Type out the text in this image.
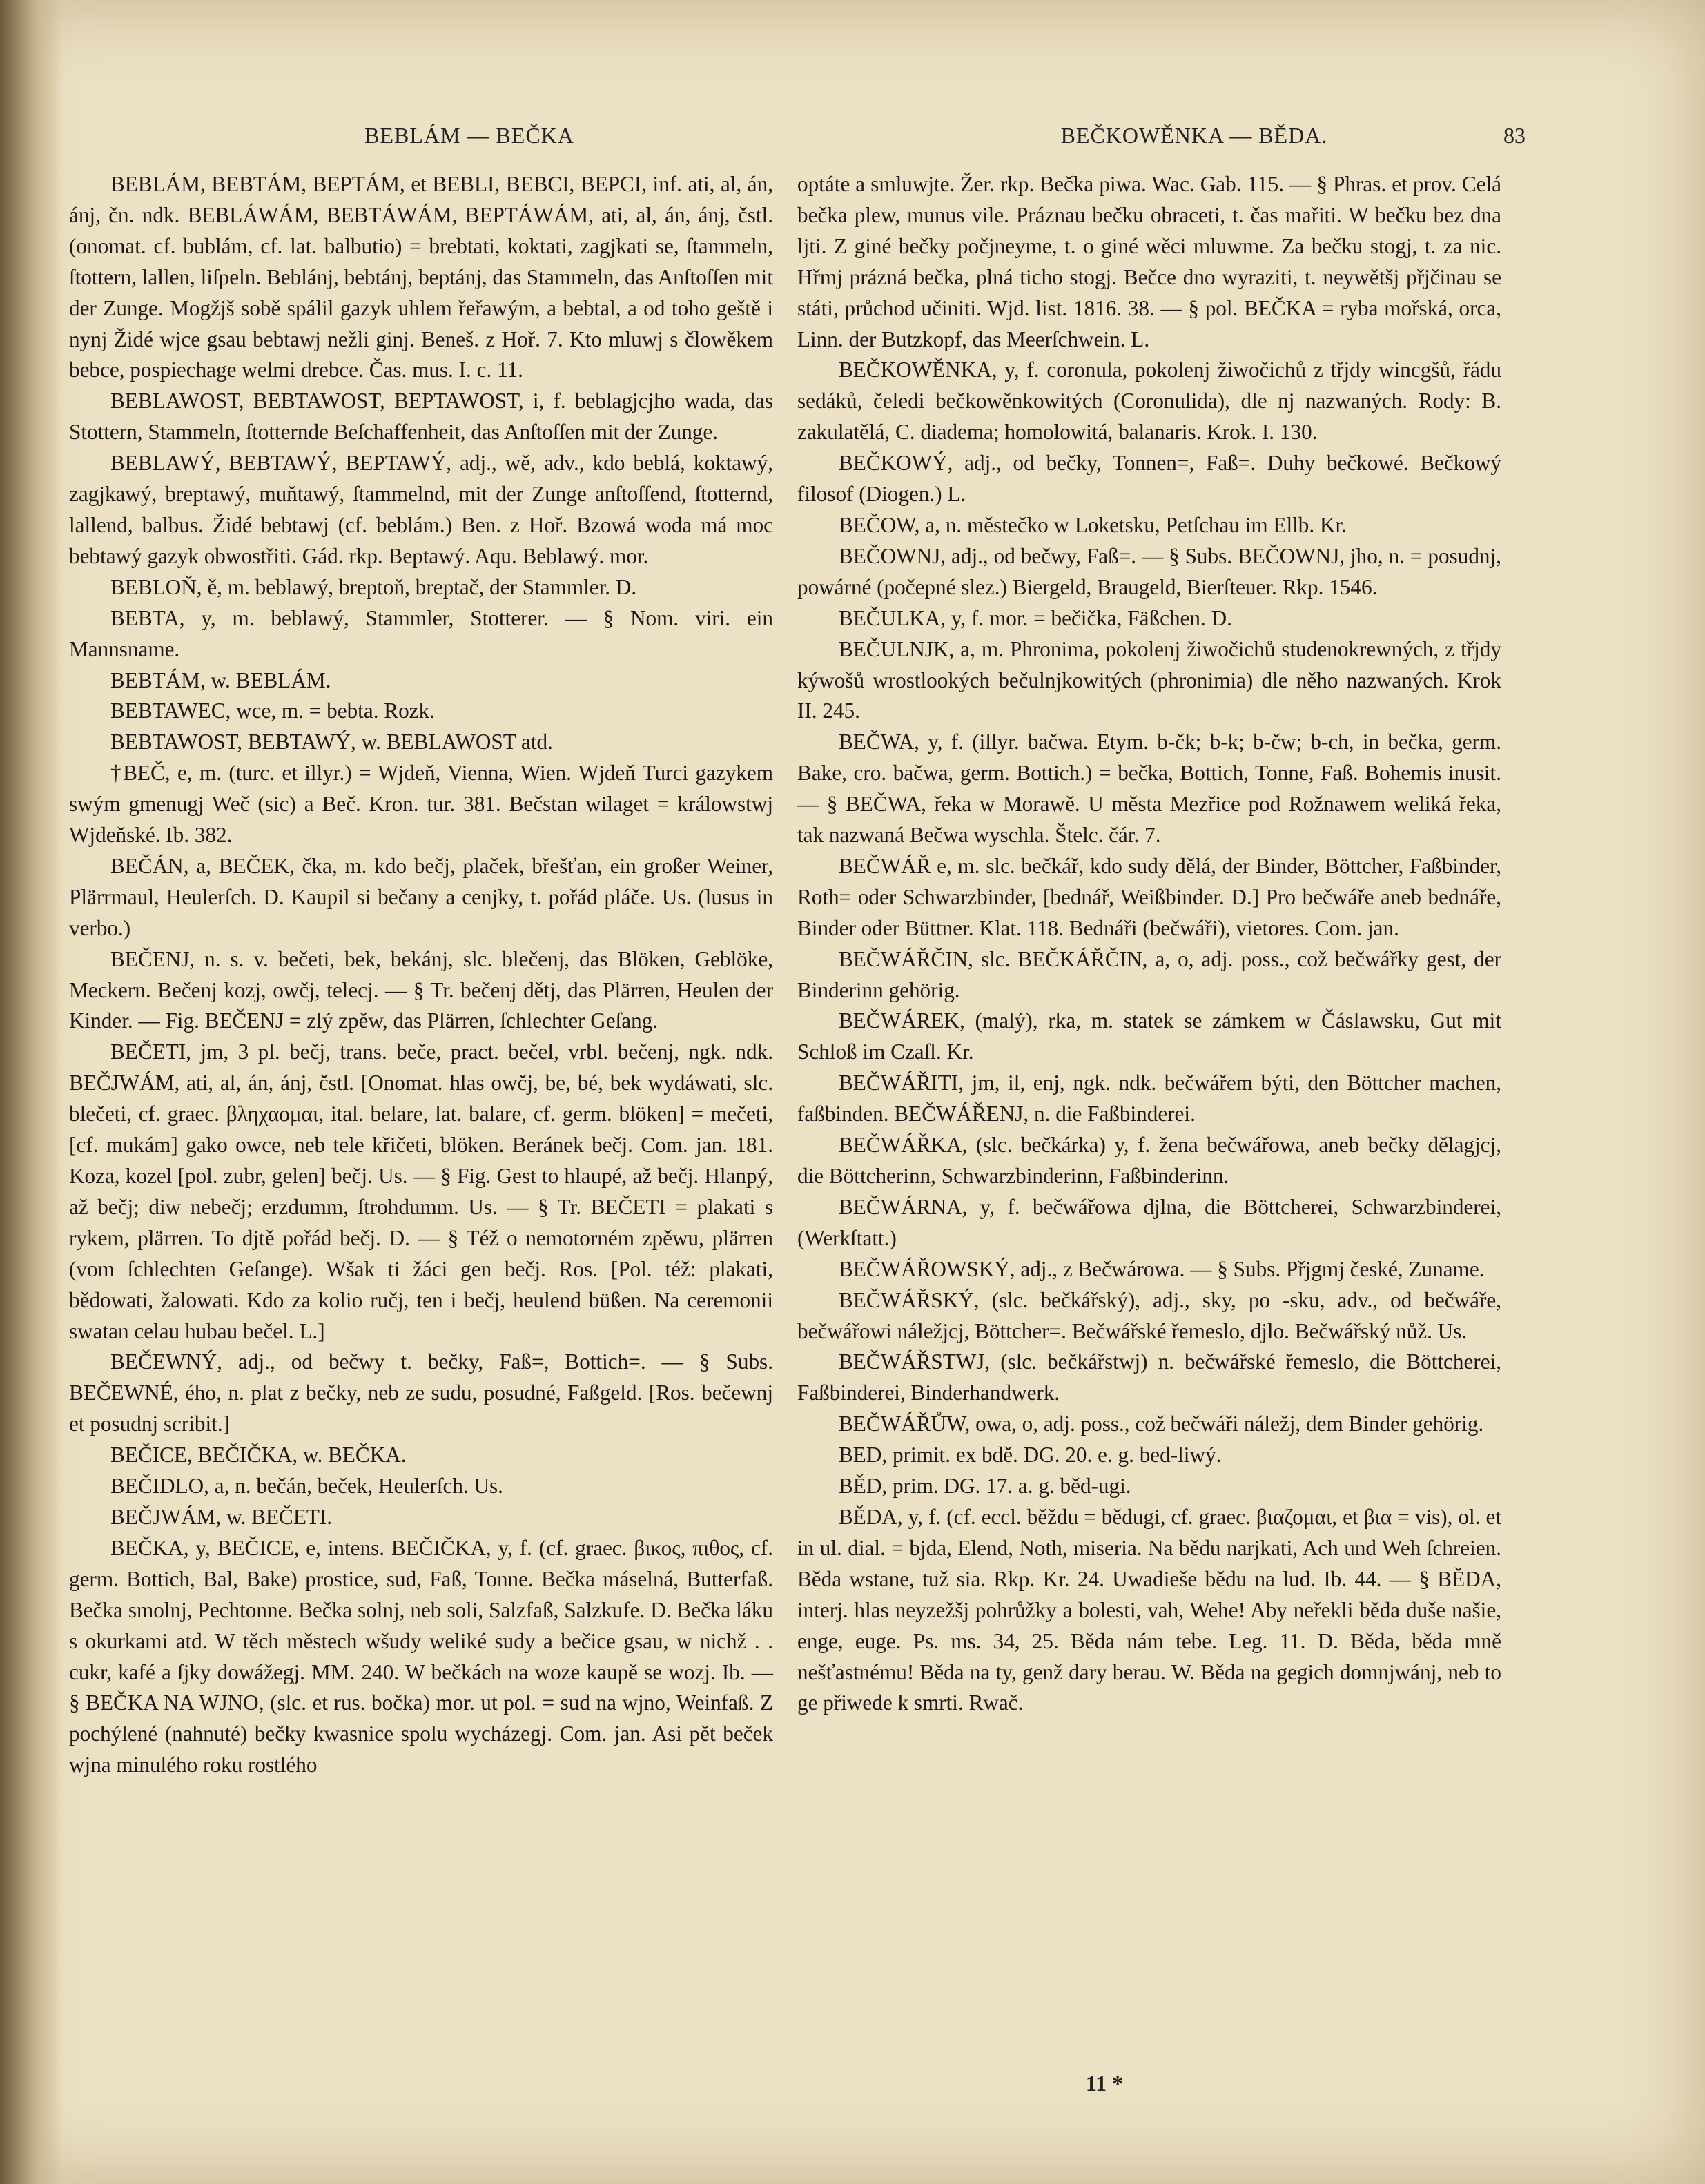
BEBLÁM — BEČKA	BEČKOWĚNKA — BĚDA.	83

BEBLÁM, BEBTÁM, BEPTÁM, et BEBLI, BEBCI, BEPCI, inf. ati, al, án, ánj, čn. ndk. BEBLÁWÁM, BEBTÁWÁM, BEPTÁWÁM, ati, al, án, ánj, čstl. (onomat. cf. bublám, cf. lat. balbutio) = brebtati, koktati, zagjkati se, ſtammeln, ſtottern, lallen, liſpeln. Beblánj, bebtánj, beptánj, das Stammeln, das Anſtoſſen mit der Zunge. Mogžjš sobě spálil gazyk uhlem řeřawým, a bebtal, a od toho geště i nynj Židé wjce gsau bebtawj nežli ginj. Beneš. z Hoř. 7. Kto mluwj s člowěkem bebce, pospiechage welmi drebce. Čas. mus. I. c. 11.

BEBLAWOST, BEBTAWOST, BEPTAWOST, i, f. beblagjcjho wada, das Stottern, Stammeln, ſtotternde Beſchaffenheit, das Anſtoſſen mit der Zunge.

BEBLAWÝ, BEBTAWÝ, BEPTAWÝ, adj., wě, adv., kdo beblá, koktawý, zagjkawý, breptawý, muňtawý, ſtammelnd, mit der Zunge anſtoſſend, ſtotternd, lallend, balbus. Židé bebtawj (cf. beblám.) Ben. z Hoř. Bzowá woda má moc bebtawý gazyk obwostřiti. Gád. rkp. Beptawý. Aqu. Beblawý. mor.

BEBLOŇ, ě, m. beblawý, breptoň, breptač, der Stammler. D.

BEBTA, y, m. beblawý, Stammler, Stotterer. — § Nom. viri. ein Mannsname.

BEBTÁM, w. BEBLÁM.

BEBTAWEC, wce, m. = bebta. Rozk.

BEBTAWOST, BEBTAWÝ, w. BEBLAWOST atd.

†BEČ, e, m. (turc. et illyr.) = Wjdeň, Vienna, Wien. Wjdeň Turci gazykem swým gmenugj Weč (sic) a Beč. Kron. tur. 381. Bečstan wilaget = králowstwj Wjdeňské. Ib. 382.

BEČÁN, a, BEČEK, čka, m. kdo bečj, plaček, břešťan, ein großer Weiner, Plärrmaul, Heulerſch. D. Kaupil si bečany a cenjky, t. pořád pláče. Us. (lusus in verbo.)

BEČENJ, n. s. v. bečeti, bek, bekánj, slc. blečenj, das Blöken, Geblöke, Meckern. Bečenj kozj, owčj, telecj. — § Tr. bečenj dětj, das Plärren, Heulen der Kinder. — Fig. BEČENJ = zlý zpěw, das Plärren, ſchlechter Geſang.

BEČETI, jm, 3 pl. bečj, trans. beče, pract. bečel, vrbl. bečenj, ngk. ndk. BEČJWÁM, ati, al, án, ánj, čstl. [Onomat. hlas owčj, be, bé, bek wydáwati, slc. blečeti, cf. graec. βληχαομαι, ital. belare, lat. balare, cf. germ. blöken] = mečeti, [cf. mukám] gako owce, neb tele křičeti, blöken. Beránek bečj. Com. jan. 181. Koza, kozel [pol. zubr, gelen] bečj. Us. — § Fig. Gest to hlaupé, až bečj. Hlanpý, až bečj; diw nebečj; erzdumm, ſtrohdumm. Us. — § Tr. BEČETI = plakati s rykem, plärren. To djtě pořád bečj. D. — § Též o nemotorném zpěwu, plärren (vom ſchlechten Geſange). Wšak ti žáci gen bečj. Ros. [Pol. též: plakati, bědowati, žalowati. Kdo za kolio ručj, ten i bečj, heulend büßen. Na ceremonii swatan celau hubau bečel. L.]

BEČEWNÝ, adj., od bečwy t. bečky, Faß=, Bottich=. — § Subs. BEČEWNÉ, ého, n. plat z bečky, neb ze sudu, posudné, Faßgeld. [Ros. bečewnj et posudnj scribit.]

BEČICE, BEČIČKA, w. BEČKA.

BEČIDLO, a, n. bečán, beček, Heulerſch. Us.

BEČJWÁM, w. BEČETI.

BEČKA, y, BEČICE, e, intens. BEČIČKA, y, f. (cf. graec. βικος, πιθος, cf. germ. Bottich, Bal, Bake) prostice, sud, Faß, Tonne. Bečka máselná, Butterfaß. Bečka smolnj, Pechtonne. Bečka solnj, neb soli, Salzfaß, Salzkufe. D. Bečka láku s okurkami atd. W těch městech wšudy weliké sudy a bečice gsau, w nichž . . cukr, kafé a ſjky dowážegj. MM. 240. W bečkách na woze kaupě se wozj. Ib. — § BEČKA NA WJNO, (slc. et rus. bočka) mor. ut pol. = sud na wjno, Weinfaß. Z pochýlené (nahnuté) bečky kwasnice spolu wycházegj. Com. jan. Asi pět beček wjna minulého roku rostlého

optáte a smluwjte. Žer. rkp. Bečka piwa. Wac. Gab. 115. — § Phras. et prov. Celá bečka plew, munus vile. Práznau bečku obraceti, t. čas mařiti. W bečku bez dna ljti. Z giné bečky počjneyme, t. o giné wěci mluwme. Za bečku stogj, t. za nic. Hřmj prázná bečka, plná ticho stogj. Bečce dno wyraziti, t. neywětšj přjčinau se státi, průchod učiniti. Wjd. list. 1816. 38. — § pol. BEČKA = ryba mořská, orca, Linn. der Butzkopf, das Meerſchwein. L.

BEČKOWĚNKA, y, f. coronula, pokolenj žiwočichů z třjdy wincgšů, řádu sedáků, čeledi bečkowěnkowitých (Coronulida), dle nj nazwaných. Rody: B. zakulatělá, C. diadema; homolowitá, balanaris. Krok. I. 130.

BEČKOWÝ, adj., od bečky, Tonnen=, Faß=. Duhy bečkowé. Bečkowý filosof (Diogen.) L.

BEČOW, a, n. městečko w Loketsku, Petſchau im Ellb. Kr.

BEČOWNJ, adj., od bečwy, Faß=. — § Subs. BEČOWNJ, jho, n. = posudnj, powárné (počepné slez.) Biergeld, Braugeld, Bierſteuer. Rkp. 1546.

BEČULKA, y, f. mor. = bečička, Fäßchen. D.

BEČULNJK, a, m. Phronima, pokolenj žiwočichů studenokrewných, z třjdy kýwošů wrostlookých bečulnjkowitých (phronimia) dle něho nazwaných. Krok II. 245.

BEČWA, y, f. (illyr. bačwa. Etym. b-čk; b-k; b-čw; b-ch, in bečka, germ. Bake, cro. bačwa, germ. Bottich.) = bečka, Bottich, Tonne, Faß. Bohemis inusit. — § BEČWA, řeka w Morawě. U města Mezřice pod Rožnawem weliká řeka, tak nazwaná Bečwa wyschla. Štelc. čár. 7.

BEČWÁŘ e, m. slc. bečkář, kdo sudy dělá, der Binder, Böttcher, Faßbinder, Roth= oder Schwarzbinder, [bednář, Weißbinder. D.] Pro bečwáře aneb bednáře, Binder oder Büttner. Klat. 118. Bednáři (bečwáři), vietores. Com. jan.

BEČWÁŘČIN, slc. BEČKÁŘČIN, a, o, adj. poss., což bečwářky gest, der Binderinn gehörig.

BEČWÁREK, (malý), rka, m. statek se zámkem w Čáslawsku, Gut mit Schloß im Czaſl. Kr.

BEČWÁŘITI, jm, il, enj, ngk. ndk. bečwářem býti, den Böttcher machen, faßbinden. BEČWÁŘENJ, n. die Faßbinderei.

BEČWÁŘKA, (slc. bečkárka) y, f. žena bečwářowa, aneb bečky dělagjcj, die Böttcherinn, Schwarzbinderinn, Faßbinderinn.

BEČWÁRNA, y, f. bečwářowa djlna, die Böttcherei, Schwarzbinderei, (Werkſtatt.)

BEČWÁŘOWSKÝ, adj., z Bečwárowa. — § Subs. Přjgmj české, Zuname.

BEČWÁŘSKÝ, (slc. bečkářský), adj., sky, po -sku, adv., od bečwáře, bečwářowi náležjcj, Böttcher=. Bečwářské řemeslo, djlo. Bečwářský nůž. Us.

BEČWÁŘSTWJ, (slc. bečkářstwj) n. bečwářské řemeslo, die Böttcherei, Faßbinderei, Binderhandwerk.

BEČWÁŘŮW, owa, o, adj. poss., což bečwáři náležj, dem Binder gehörig.

BED, primit. ex bdě. DG. 20. e. g. bed-liwý.

BĚD, prim. DG. 17. a. g. běd-ugi.

BĚDA, y, f. (cf. eccl. běždu = bědugi, cf. graec. βιαζομαι, et βια = vis), ol. et in ul. dial. = bjda, Elend, Noth, miseria. Na bědu narjkati, Ach und Weh ſchreien. Běda wstane, tuž sia. Rkp. Kr. 24. Uwadieše bědu na lud. Ib. 44. — § BĚDA, interj. hlas neyzežšj pohrůžky a bolesti, vah, Wehe! Aby neřekli běda duše našie, enge, euge. Ps. ms. 34, 25. Běda nám tebe. Leg. 11. D. Běda, běda mně nešťastnému! Běda na ty, genž dary berau. W. Běda na gegich domnjwánj, neb to ge přiwede k smrti. Rwač.

11 *
